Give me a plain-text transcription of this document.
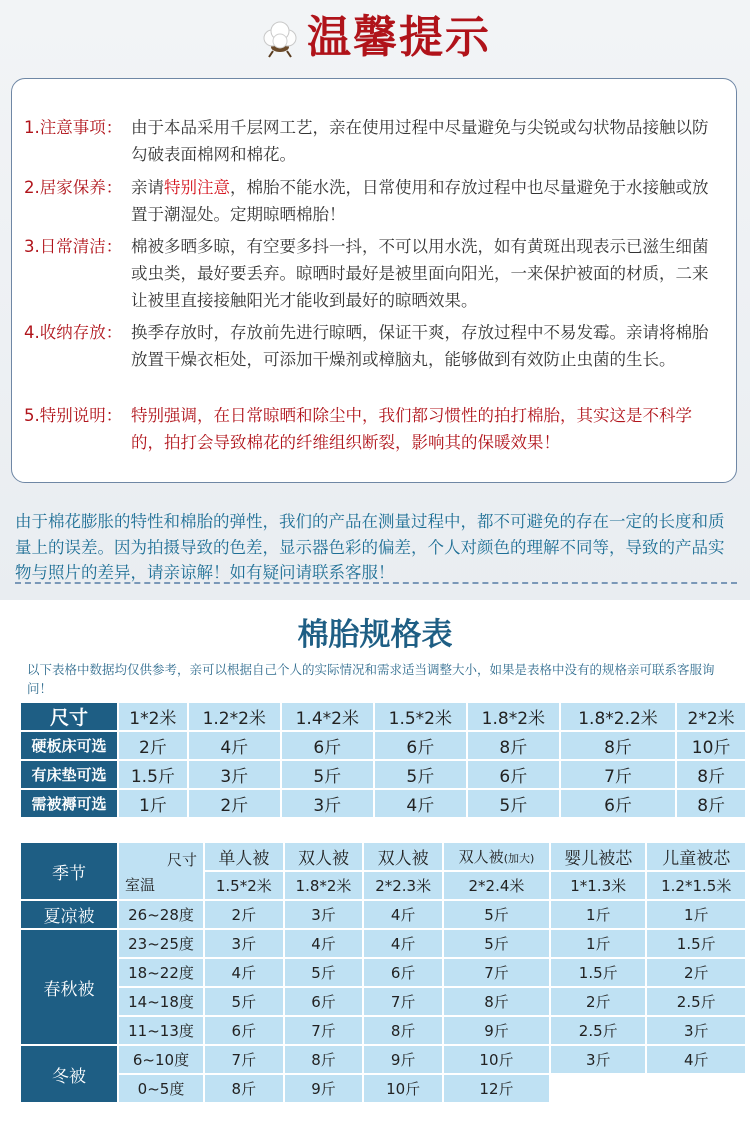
温馨提示
1.注意事项： 由于本品采用千层网工艺，亲在使用过程中尽量避免与尖锐或勾状物品接触以防勾破表面棉网和棉花。
2.居家保养： 亲请特别注意，棉胎不能水洗，日常使用和存放过程中也尽量避免于水接触或放置于潮湿处。定期晾晒棉胎！
3.日常清洁： 棉被多晒多晾，有空要多抖一抖，不可以用水洗，如有黄斑出现表示已滋生细菌或虫类，最好要丢弃。晾晒时最好是被里面向阳光，一来保护被面的材质，二来让被里直接接触阳光才能收到最好的晾晒效果。
4.收纳存放： 换季存放时，存放前先进行晾晒，保证干爽，存放过程中不易发霉。亲请将棉胎放置干燥衣柜处，可添加干燥剂或樟脑丸，能够做到有效防止虫菌的生长。
5.特别说明： 特别强调，在日常晾晒和除尘中，我们都习惯性的拍打棉胎，其实这是不科学的，拍打会导致棉花的纤维组织断裂，影响其的保暖效果！
由于棉花膨胀的特性和棉胎的弹性，我们的产品在测量过程中，都不可避免的存在一定的长度和质量上的误差。因为拍摄导致的色差，显示器色彩的偏差，个人对颜色的理解不同等，导致的产品实物与照片的差异，请亲谅解！如有疑问请联系客服！
棉胎规格表
以下表格中数据均仅供参考，亲可以根据自己个人的实际情况和需求适当调整大小，如果是表格中没有的规格亲可联系客服询问！
尺寸	1*2米	1.2*2米	1.4*2米	1.5*2米	1.8*2米	1.8*2.2米	2*2米
硬板床可选	2斤	4斤	6斤	6斤	8斤	8斤	10斤
有床垫可选	1.5斤	3斤	5斤	5斤	6斤	7斤	8斤
需被褥可选	1斤	2斤	3斤	4斤	5斤	6斤	8斤
季节	尺寸
室温	单人被	双人被	双人被	双人被(加大)	婴儿被芯	儿童被芯
		1.5*2米	1.8*2米	2*2.3米	2*2.4米	1*1.3米	1.2*1.5米
夏凉被	26~28度	2斤	3斤	4斤	5斤	1斤	1斤
春秋被	23~25度	3斤	4斤	4斤	5斤	1斤	1.5斤
	18~22度	4斤	5斤	6斤	7斤	1.5斤	2斤
	14~18度	5斤	6斤	7斤	8斤	2斤	2.5斤
	11~13度	6斤	7斤	8斤	9斤	2.5斤	3斤
冬被	6~10度	7斤	8斤	9斤	10斤	3斤	4斤
	0~5度	8斤	9斤	10斤	12斤		
